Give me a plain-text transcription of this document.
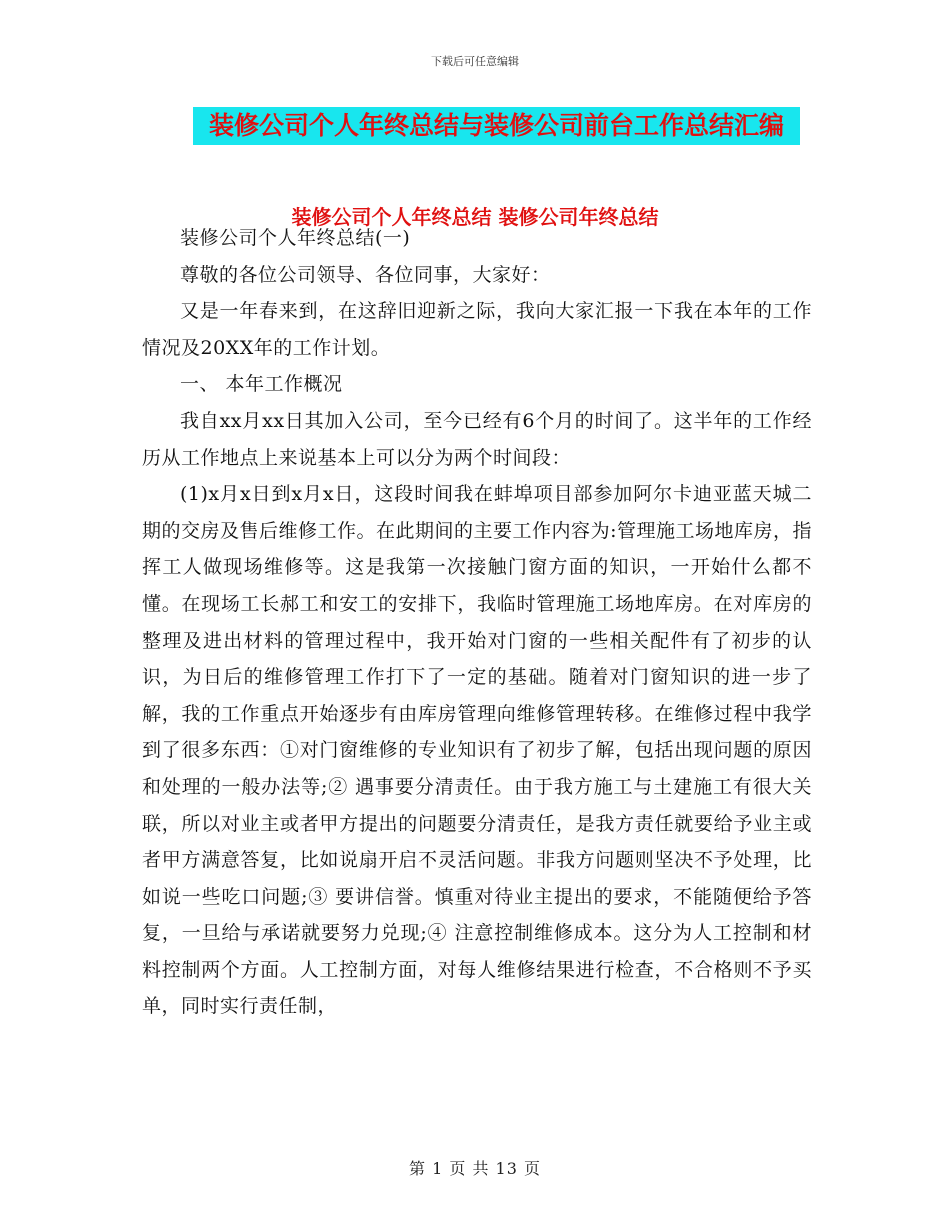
下载后可任意编辑
装修公司个人年终总结与装修公司前台工作总结汇编
装修公司个人年终总结 装修公司年终总结

装修公司个人年终总结(一)

尊敬的各位公司领导、各位同事，大家好：

又是一年春来到，在这辞旧迎新之际，我向大家汇报一下我在本年的工作情况及20XX年的工作计划。

一、 本年工作概况

我自xx月xx日其加入公司，至今已经有6个月的时间了。这半年的工作经历从工作地点上来说基本上可以分为两个时间段：

(1)x月x日到x月x日，这段时间我在蚌埠项目部参加阿尔卡迪亚蓝天城二期的交房及售后维修工作。在此期间的主要工作内容为:管理施工场地库房，指挥工人做现场维修等。这是我第一次接触门窗方面的知识，一开始什么都不懂。在现场工长郝工和安工的安排下，我临时管理施工场地库房。在对库房的整理及进出材料的管理过程中，我开始对门窗的一些相关配件有了初步的认识，为日后的维修管理工作打下了一定的基础。随着对门窗知识的进一步了解，我的工作重点开始逐步有由库房管理向维修管理转移。在维修过程中我学到了很多东西：①对门窗维修的专业知识有了初步了解，包括出现问题的原因和处理的一般办法等;② 遇事要分清责任。由于我方施工与土建施工有很大关联，所以对业主或者甲方提出的问题要分清责任，是我方责任就要给予业主或者甲方满意答复，比如说扇开启不灵活问题。非我方问题则坚决不予处理，比如说一些吃口问题;③ 要讲信誉。慎重对待业主提出的要求，不能随便给予答复，一旦给与承诺就要努力兑现;④ 注意控制维修成本。这分为人工控制和材料控制两个方面。人工控制方面，对每人维修结果进行检查，不合格则不予买单，同时实行责任制，

第 1 页 共 13 页
